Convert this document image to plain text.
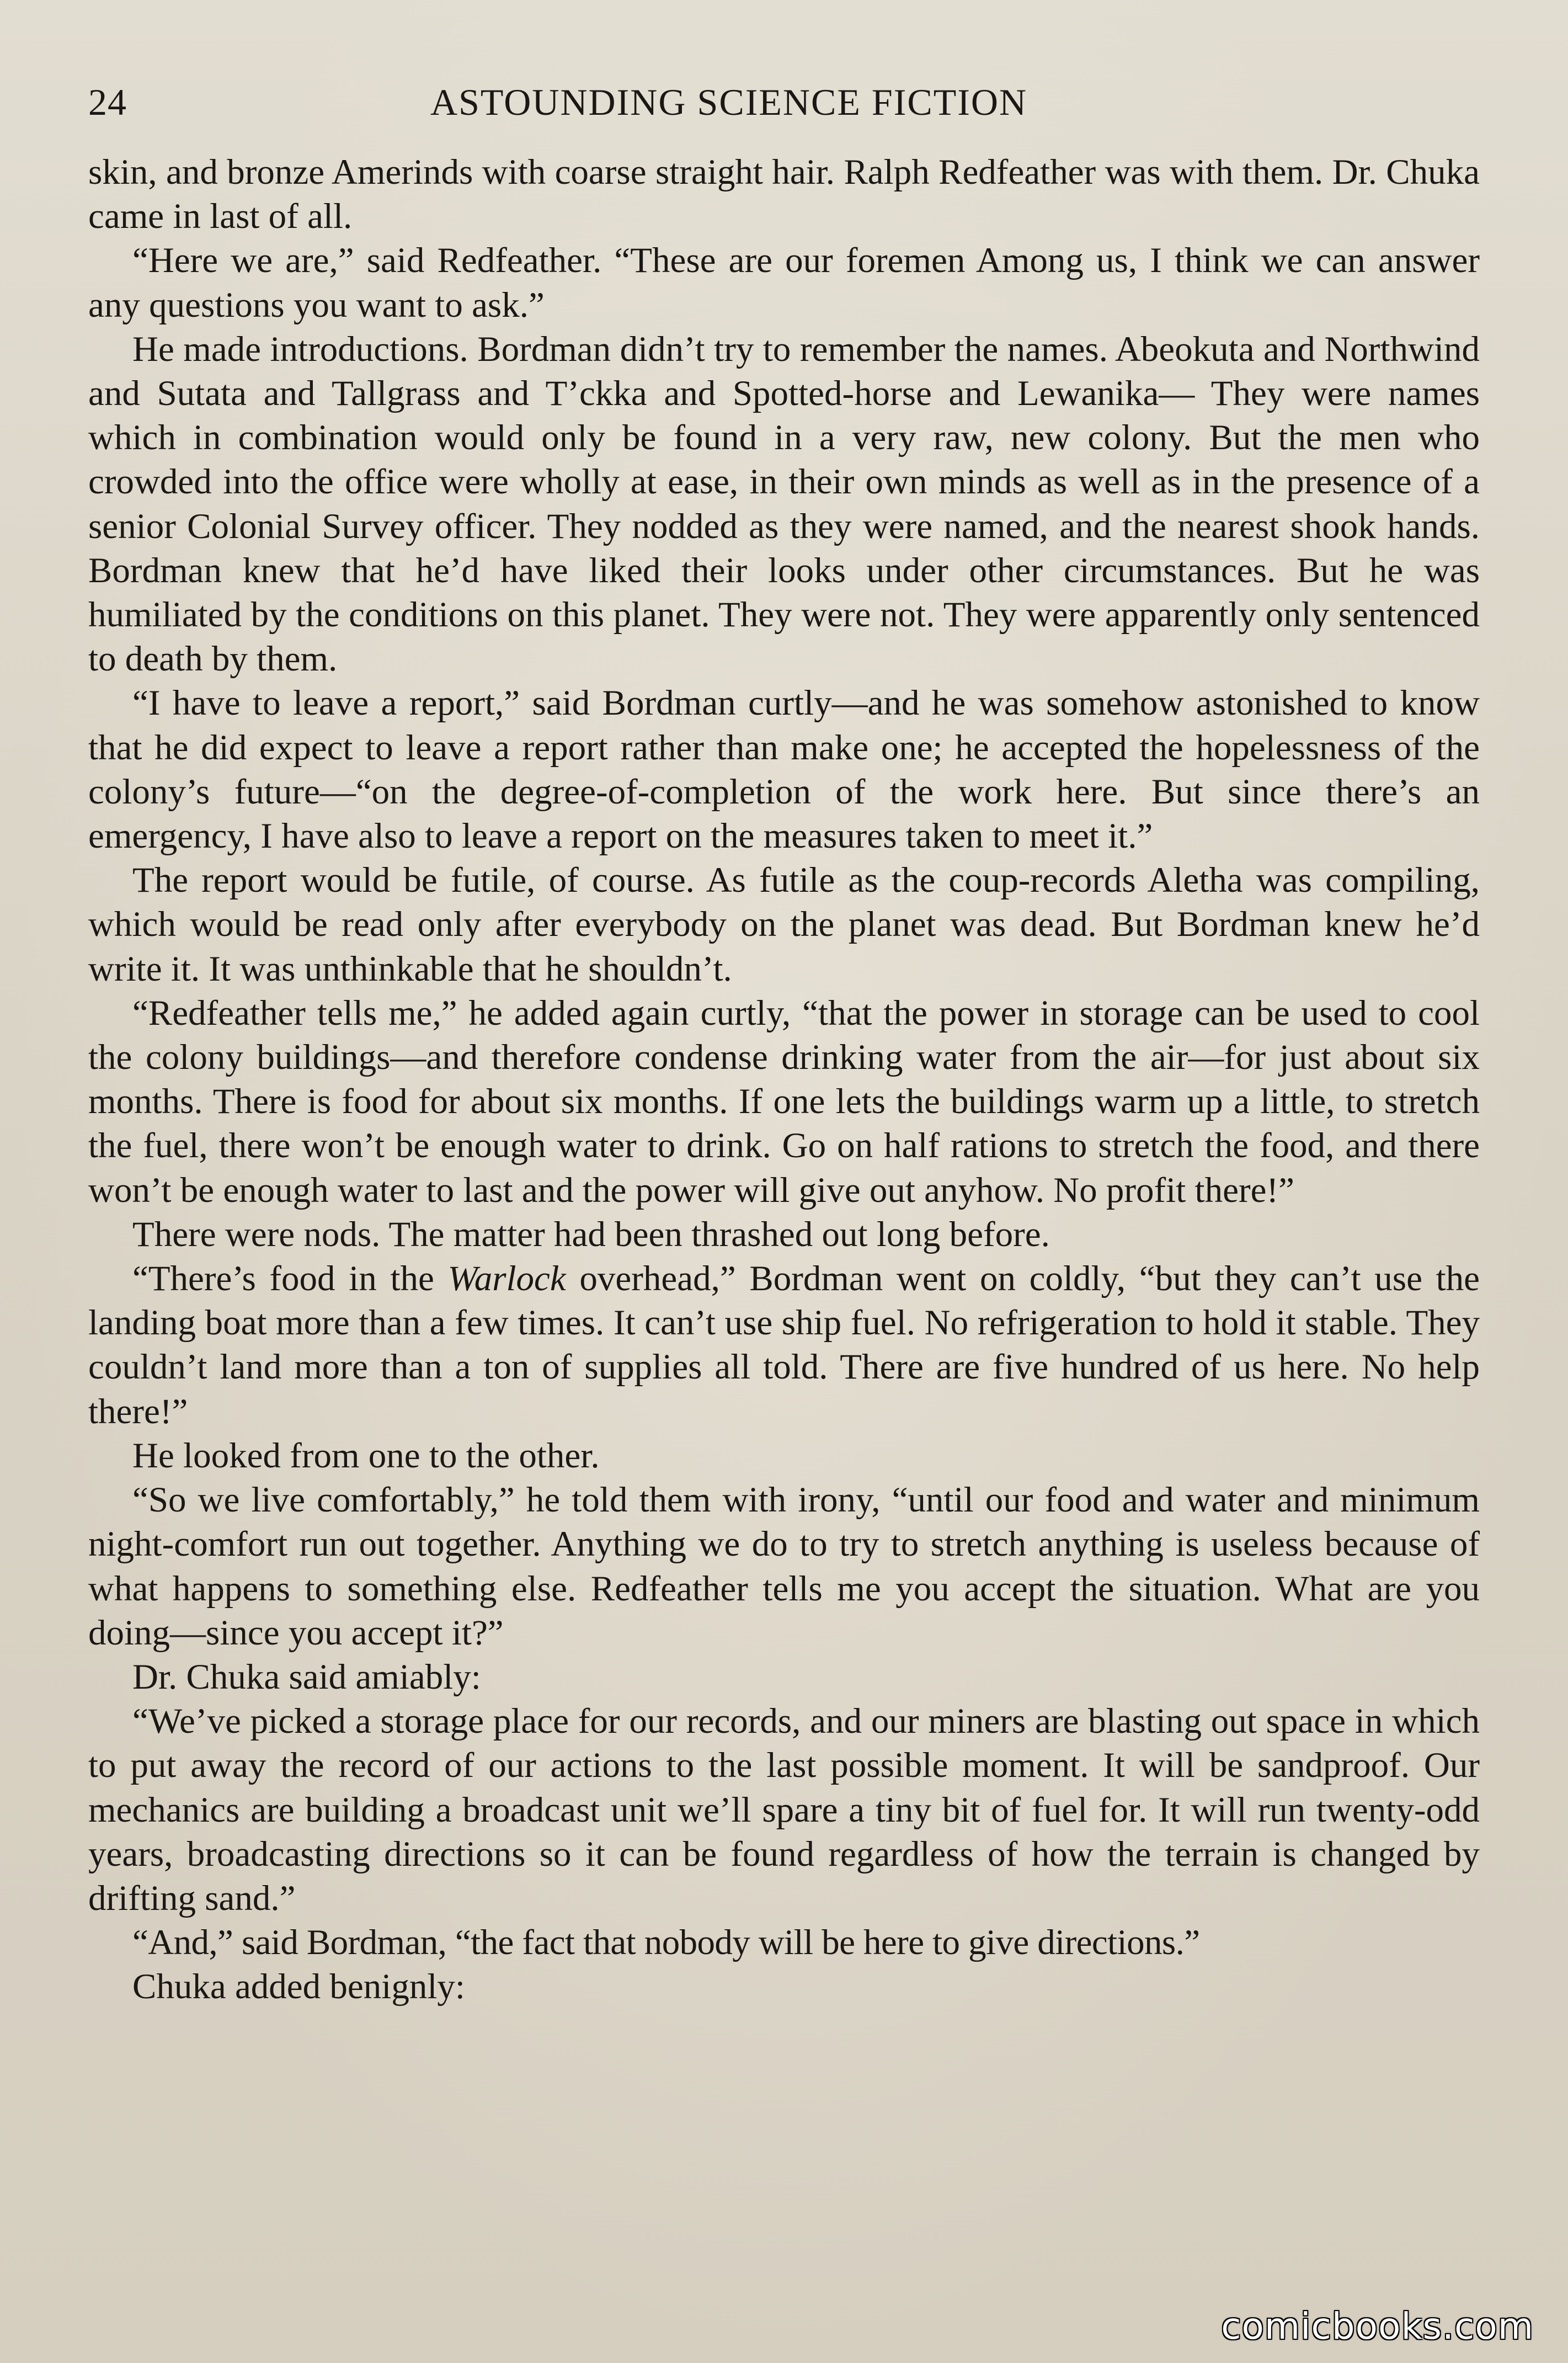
24	ASTOUNDING SCIENCE FICTION

skin, and bronze Amerinds with coarse straight hair. Ralph Redfeather was with them. Dr. Chuka came in last of all.

“Here we are,” said Redfeather. “These are our foremen Among us, I think we can answer any questions you want to ask.”

He made introductions. Bordman didn’t try to remember the names. Abeokuta and Northwind and Sutata and Tallgrass and T’ckka and Spotted-horse and Lewanika— They were names which in combination would only be found in a very raw, new colony. But the men who crowded into the office were wholly at ease, in their own minds as well as in the presence of a senior Colonial Survey officer. They nodded as they were named, and the nearest shook hands. Bordman knew that he’d have liked their looks under other circumstances. But he was humiliated by the conditions on this planet. They were not. They were apparently only sentenced to death by them.

“I have to leave a report,” said Bordman curtly—and he was somehow astonished to know that he did expect to leave a report rather than make one; he accepted the hopelessness of the colony’s future—“on the degree-of-completion of the work here. But since there’s an emergency, I have also to leave a report on the measures taken to meet it.”

The report would be futile, of course. As futile as the coup-records Aletha was compiling, which would be read only after everybody on the planet was dead. But Bordman knew he’d write it. It was unthinkable that he shouldn’t.

“Redfeather tells me,” he added again curtly, “that the power in storage can be used to cool the colony buildings—and therefore condense drinking water from the air—for just about six months. There is food for about six months. If one lets the buildings warm up a little, to stretch the fuel, there won’t be enough water to drink. Go on half rations to stretch the food, and there won’t be enough water to last and the power will give out anyhow. No profit there!”

There were nods. The matter had been thrashed out long before.

“There’s food in the Warlock overhead,” Bordman went on coldly, “but they can’t use the landing boat more than a few times. It can’t use ship fuel. No refrigeration to hold it stable. They couldn’t land more than a ton of supplies all told. There are five hundred of us here. No help there!”

He looked from one to the other.

“So we live comfortably,” he told them with irony, “until our food and water and minimum night-comfort run out together. Anything we do to try to stretch anything is useless because of what happens to something else. Redfeather tells me you accept the situation. What are you doing—since you accept it?”

Dr. Chuka said amiably:

“We’ve picked a storage place for our records, and our miners are blasting out space in which to put away the record of our actions to the last possible moment. It will be sandproof. Our mechanics are building a broadcast unit we’ll spare a tiny bit of fuel for. It will run twenty-odd years, broadcasting directions so it can be found regardless of how the terrain is changed by drifting sand.”

“And,” said Bordman, “the fact that nobody will be here to give directions.”

Chuka added benignly:

comicbooks.com
